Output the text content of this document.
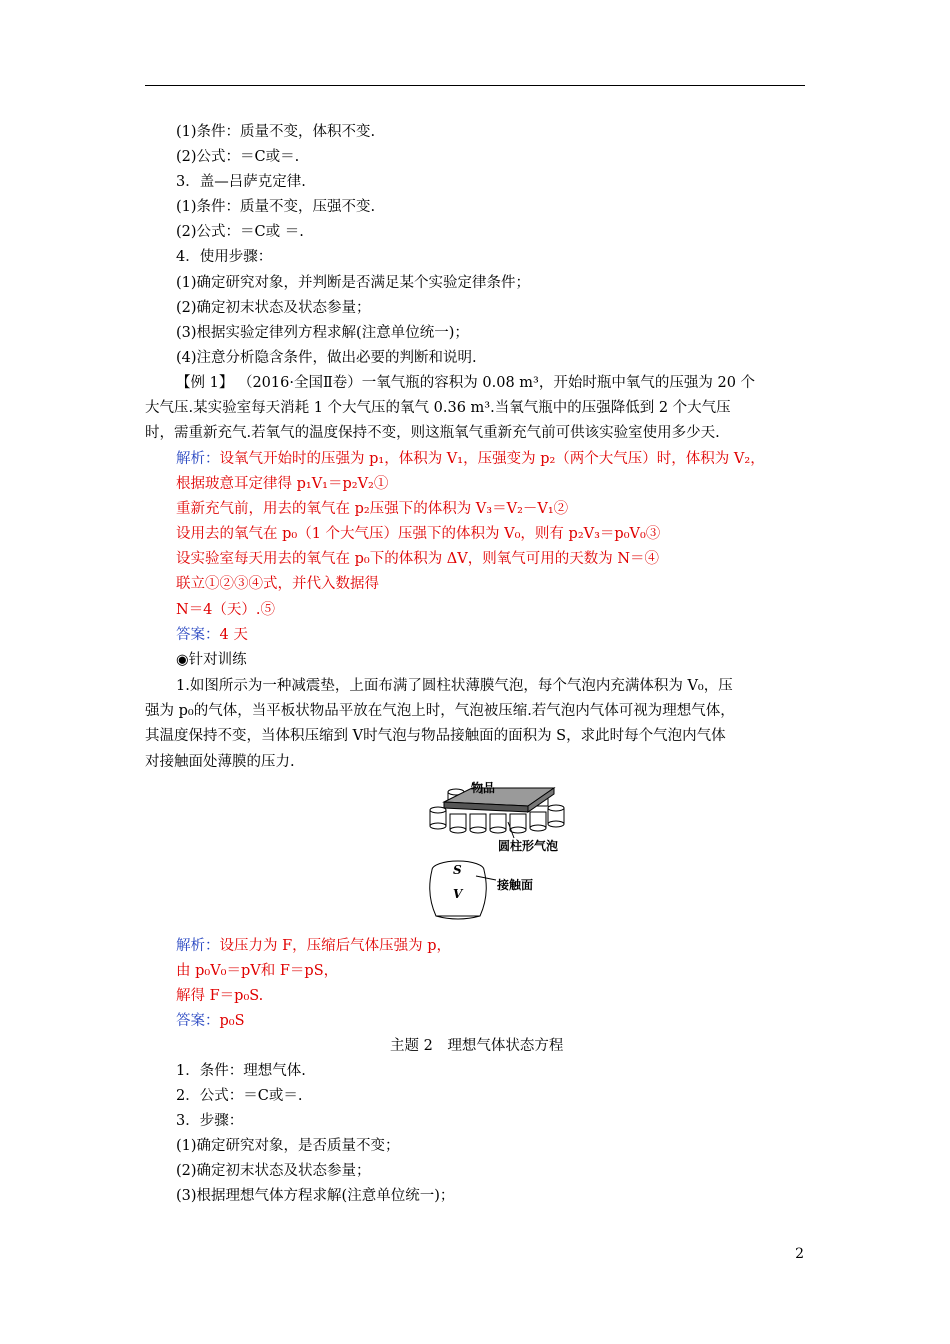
(1)条件：质量不变，体积不变.
(2)公式：＝C或＝.
3．盖—吕萨克定律.
(1)条件：质量不变，压强不变.
(2)公式：＝C或 ＝.
4．使用步骤：
(1)确定研究对象，并判断是否满足某个实验定律条件；
(2)确定初末状态及状态参量；
(3)根据实验定律列方程求解(注意单位统一)；
(4)注意分析隐含条件，做出必要的判断和说明.
【例 1】 （2016·全国Ⅱ卷）一氧气瓶的容积为 0.08 m³，开始时瓶中氧气的压强为 20 个
大气压.某实验室每天消耗 1 个大气压的氧气 0.36 m³.当氧气瓶中的压强降低到 2 个大气压
时，需重新充气.若氧气的温度保持不变，则这瓶氧气重新充气前可供该实验室使用多少天.
解析：设氧气开始时的压强为 p₁，体积为 V₁，压强变为 p₂（两个大气压）时，体积为 V₂，
根据玻意耳定律得 p₁V₁＝p₂V₂①
重新充气前，用去的氧气在 p₂压强下的体积为 V₃＝V₂－V₁②
设用去的氧气在 p₀（1 个大气压）压强下的体积为 V₀，则有 p₂V₃＝p₀V₀③
设实验室每天用去的氧气在 p₀下的体积为 ΔV，则氧气可用的天数为 N＝④
联立①②③④式，并代入数据得
N＝4（天）.⑤
答案：4 天
◉针对训练
1.如图所示为一种减震垫，上面布满了圆柱状薄膜气泡，每个气泡内充满体积为 V₀，压
强为 p₀的气体，当平板状物品平放在气泡上时，气泡被压缩.若气泡内气体可视为理想气体，
其温度保持不变，当体积压缩到 V时气泡与物品接触面的面积为 S，求此时每个气泡内气体
对接触面处薄膜的压力.
物品
圆柱形气泡
接触面
S
V
解析：设压力为 F，压缩后气体压强为 p，
由 p₀V₀＝pV和 F＝pS，
解得 F＝p₀S.
答案：p₀S
主题 2　理想气体状态方程
1．条件：理想气体.
2．公式：＝C或＝.
3．步骤：
(1)确定研究对象，是否质量不变；
(2)确定初末状态及状态参量；
(3)根据理想气体方程求解(注意单位统一)；
2
